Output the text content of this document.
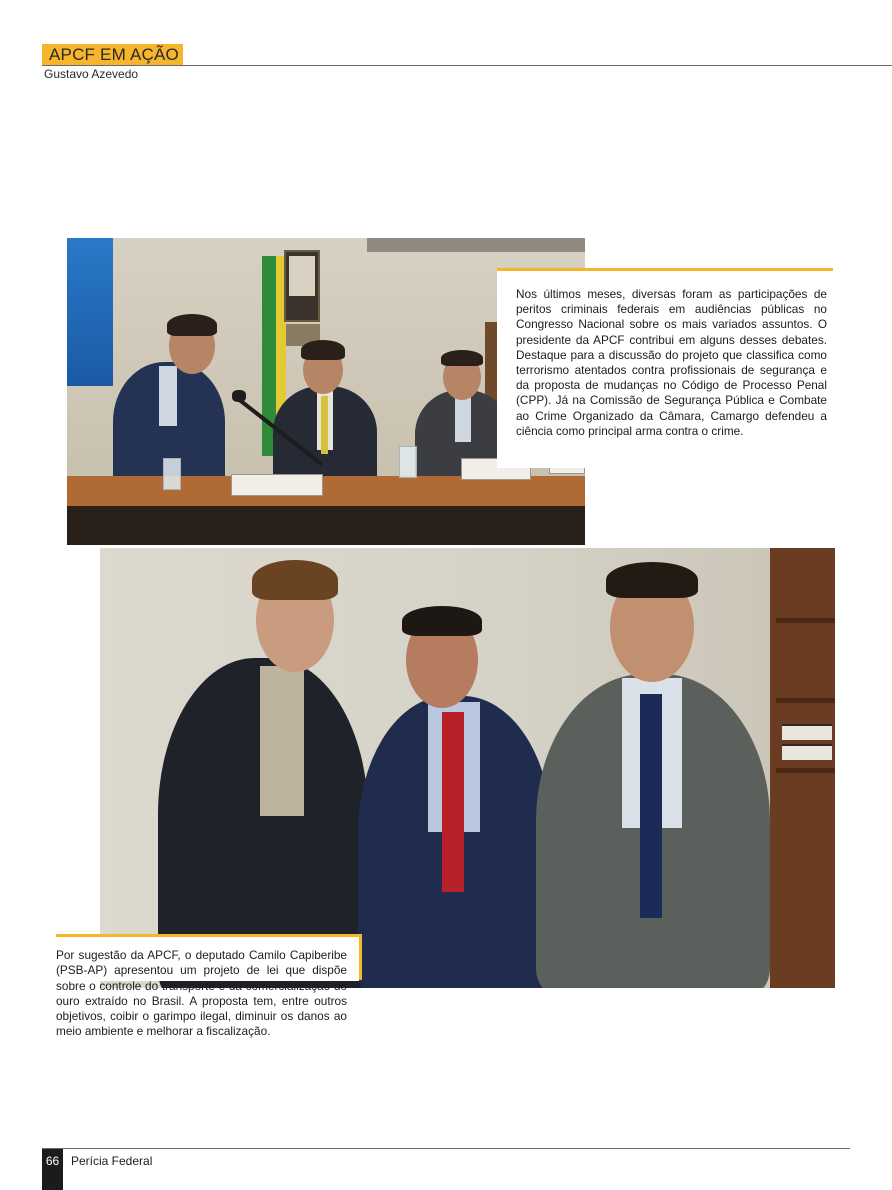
APCF EM AÇÃO
Gustavo Azevedo

Nos últimos meses, diversas foram as participações de peritos criminais federais em audiências públicas no Congresso Nacional sobre os mais variados assuntos. O presidente da APCF contribui em alguns desses debates. Destaque para a discussão do projeto que classifica como terrorismo atentados contra profissionais de segurança e da proposta de mudanças no Código de Processo Penal (CPP). Já na Comissão de Segurança Pública e Combate ao Crime Organizado da Câmara, Camargo defendeu a ciência como principal arma contra o crime.

Por sugestão da APCF, o deputado Camilo Capiberibe (PSB-AP) apresentou um projeto de lei que dispõe sobre o controle do transporte e da comercialização do ouro extraído no Brasil. A proposta tem, entre outros objetivos, coibir o garimpo ilegal, diminuir os danos ao meio ambiente e melhorar a fiscalização.

66 Perícia Federal
